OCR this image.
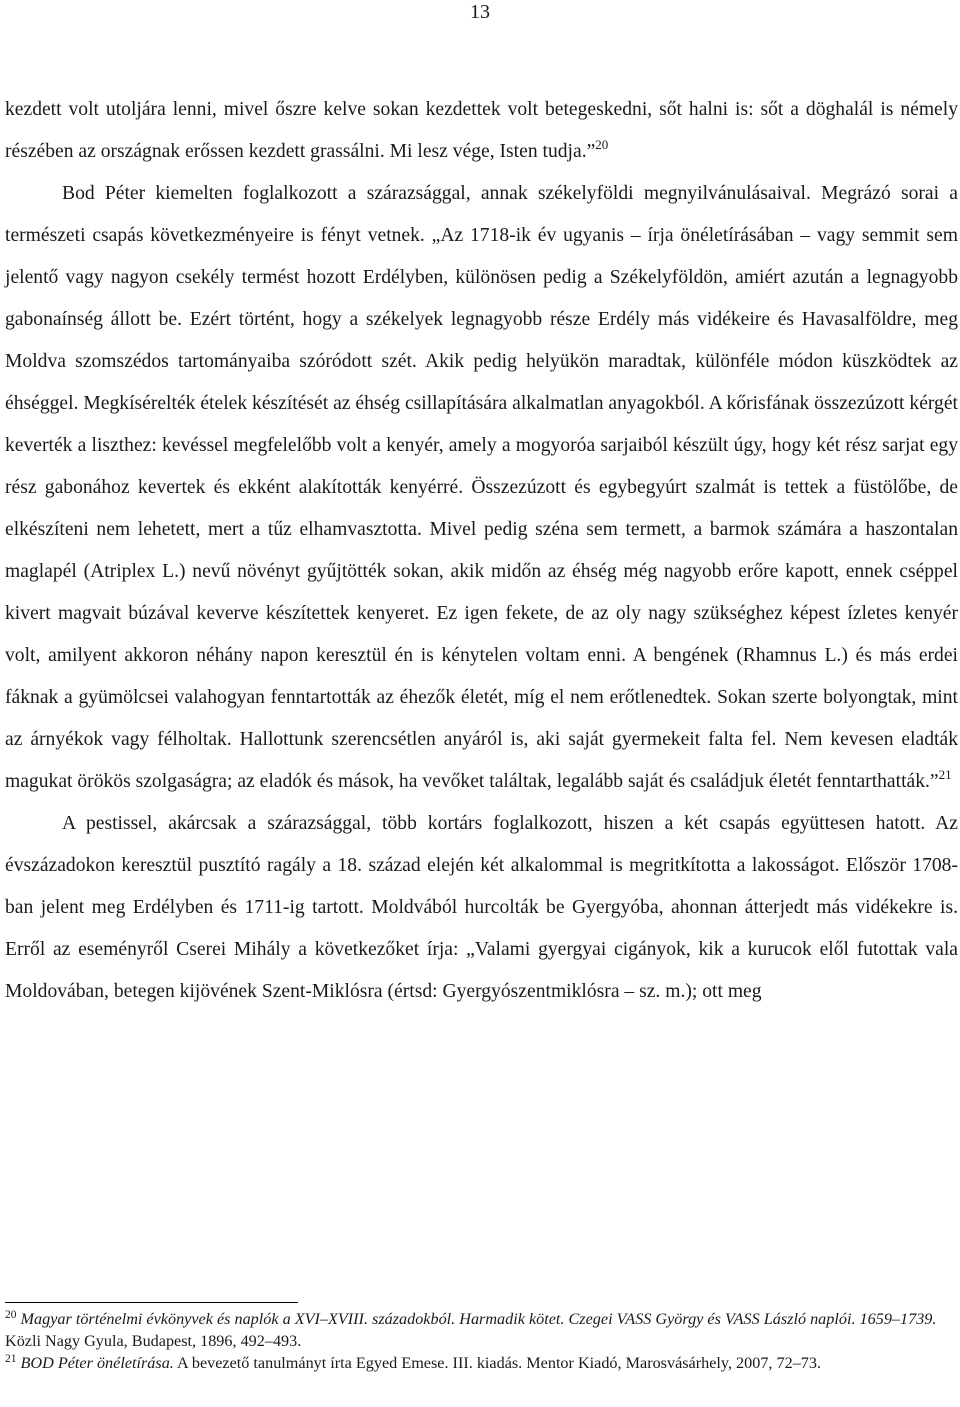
13

kezdett volt utoljára lenni, mivel őszre kelve sokan kezdettek volt betegeskedni, sőt halni is: sőt a döghalál is némely részében az országnak erőssen kezdett grassálni. Mi lesz vége, Isten tudja.”$^{20}$

Bod Péter kiemelten foglalkozott a szárazsággal, annak székelyföldi megnyilvánulásaival. Megrázó sorai a természeti csapás következményeire is fényt vetnek. „Az 1718-ik év ugyanis – írja önéletírásában – vagy semmit sem jelentő vagy nagyon csekély termést hozott Erdélyben, különösen pedig a Székelyföldön, amiért azután a legnagyobb gabonaínség állott be. Ezért történt, hogy a székelyek legnagyobb része Erdély más vidékeire és Havasalföldre, meg Moldva szomszédos tartományaiba szóródott szét. Akik pedig helyükön maradtak, különféle módon küszködtek az éhséggel. Megkísérelték ételek készítését az éhség csillapítására alkalmatlan anyagokból. A kőrisfának összezúzott kérgét keverték a liszthez: kevéssel megfelelőbb volt a kenyér, amely a mogyoróa sarjaiból készült úgy, hogy két rész sarjat egy rész gabonához kevertek és ekként alakították kenyérré. Összezúzott és egybegyúrt szalmát is tettek a füstölőbe, de elkészíteni nem lehetett, mert a tűz elhamvasztotta. Mivel pedig széna sem termett, a barmok számára a haszontalan maglapél (Atriplex L.) nevű növényt gyűjtötték sokan, akik midőn az éhség még nagyobb erőre kapott, ennek cséppel kivert magvait búzával keverve készítettek kenyeret. Ez igen fekete, de az oly nagy szükséghez képest ízletes kenyér volt, amilyent akkoron néhány napon keresztül én is kénytelen voltam enni. A bengének (Rhamnus L.) és más erdei fáknak a gyümölcsei valahogyan fenntartották az éhezők életét, míg el nem erőtlenedtek. Sokan szerte bolyongtak, mint az árnyékok vagy félholtak. Hallottunk szerencsétlen anyáról is, aki saját gyermekeit falta fel. Nem kevesen eladták magukat örökös szolgaságra; az eladók és mások, ha vevőket találtak, legalább saját és családjuk életét fenntarthatták.”$^{21}$

A pestissel, akárcsak a szárazsággal, több kortárs foglalkozott, hiszen a két csapás együttesen hatott. Az évszázadokon keresztül pusztító ragály a 18. század elején két alkalommal is megritkította a lakosságot. Először 1708-ban jelent meg Erdélyben és 1711-ig tartott. Moldvából hurcolták be Gyergyóba, ahonnan átterjedt más vidékekre is. Erről az eseményről Cserei Mihály a következőket írja: „Valami gyergyai cigányok, kik a kurucok elől futottak vala Moldovában, betegen kijövének Szent-Miklósra (értsd: Gyergyószentmiklósra – sz. m.); ott meg

$^{20}$ Magyar történelmi évkönyvek és naplók a XVI–XVIII. századokból. Harmadik kötet. Czegei VASS György és VASS László naplói. 1659–1739. Közli Nagy Gyula, Budapest, 1896, 492–493.

$^{21}$ BOD Péter önéletírása. A bevezető tanulmányt írta Egyed Emese. III. kiadás. Mentor Kiadó, Marosvásárhely, 2007, 72–73.
